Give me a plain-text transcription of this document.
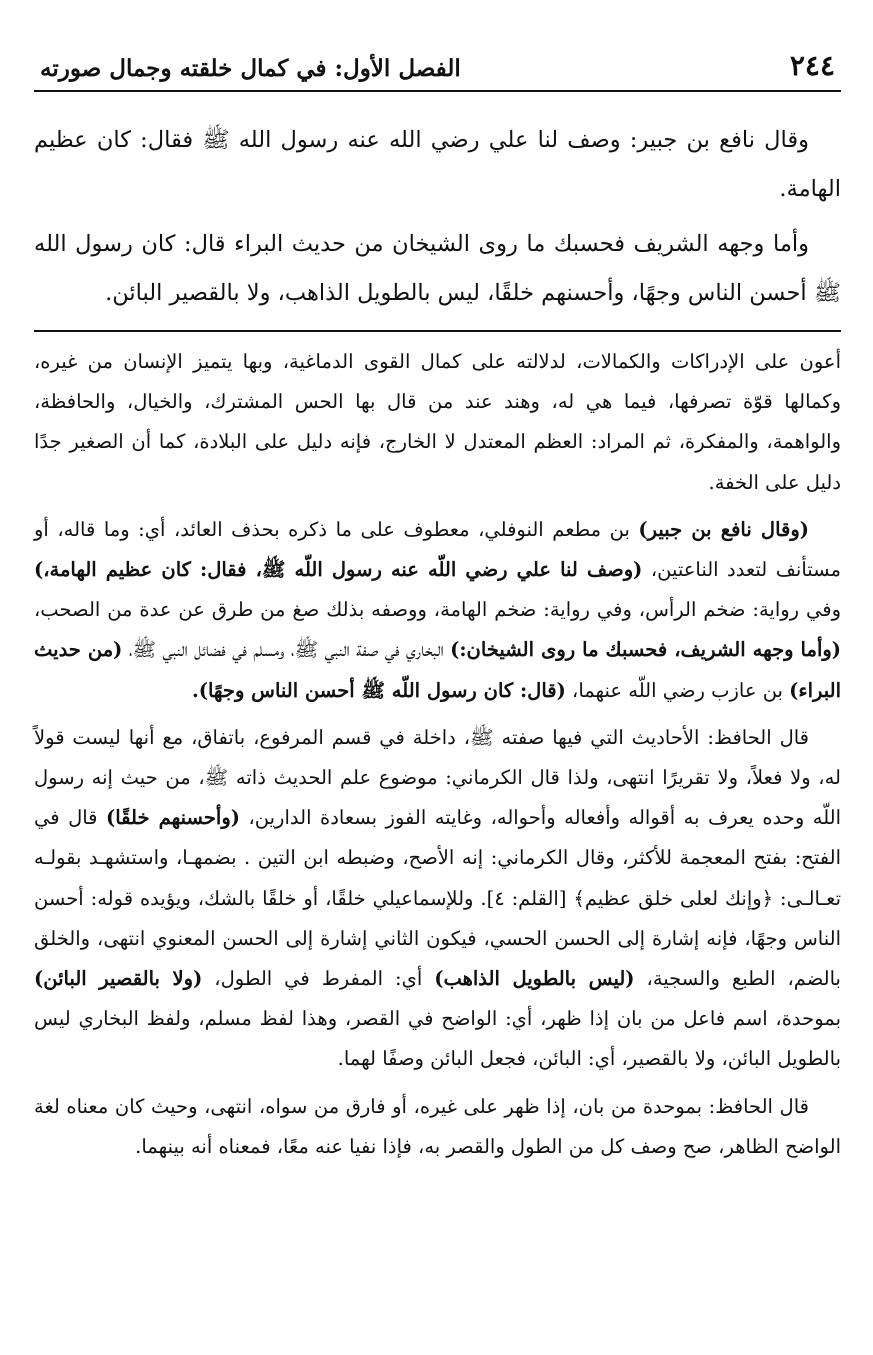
٢٤٤
الفصل الأول: في كمال خلقته وجمال صورته

وقال نافع بن جبير: وصف لنا علي رضي الله عنه رسول الله ﷺ فقال: كان عظيم الهامة.

وأما وجهه الشريف فحسبك ما روى الشيخان من حديث البراء قال: كان رسول الله ﷺ أحسن الناس وجهًا، وأحسنهم خلقًا، ليس بالطويل الذاهب، ولا بالقصير البائن.

أعون على الإدراكات والكمالات، لدلالته على كمال القوى الدماغية، وبها يتميز الإنسان من غيره، وكمالها قوّة تصرفها، فيما هي له، وهند عند من قال بها الحس المشترك، والخيال، والحافظة، والواهمة، والمفكرة، ثم المراد: العظم المعتدل لا الخارج، فإنه دليل على البلادة، كما أن الصغير جدًا دليل على الخفة.

(وقال نافع بن جبير) بن مطعم النوفلي، معطوف على ما ذكره بحذف العائد، أي: وما قاله، أو مستأنف لتعدد الناعتين، (وصف لنا علي رضي اللّه عنه رسول اللّه ﷺ، فقال: كان عظيم الهامة،) وفي رواية: ضخم الرأس، وفي رواية: ضخم الهامة، ووصفه بذلك صغ من طرق عن عدة من الصحب، (وأما وجهه الشريف، فحسبك ما روى الشيخان:) البخاري في صفة النبي ﷺ، ومسلم في فضائل النبي ﷺ، (من حديث البراء) بن عازب رضي اللّه عنهما، (قال: كان رسول اللّه ﷺ أحسن الناس وجهًا).

قال الحافظ: الأحاديث التي فيها صفته ﷺ، داخلة في قسم المرفوع، باتفاق، مع أنها ليست قولاً له، ولا فعلاً، ولا تقريرًا انتهى، ولذا قال الكرماني: موضوع علم الحديث ذاته ﷺ، من حيث إنه رسول اللّه وحده يعرف به أقواله وأفعاله وأحواله، وغايته الفوز بسعادة الدارين، (وأحسنهم خلقًا) قال في الفتح: بفتح المعجمة للأكثر، وقال الكرماني: إنه الأصح، وضبطه ابن التين . بضمهـا، واستشهـد بقولـه تعـالـى: ﴿وإنك لعلى خلق عظيم﴾ [القلم: ٤]. وللإسماعيلي خلقًا، أو خلقًا بالشك، ويؤيده قوله: أحسن الناس وجهًا، فإنه إشارة إلى الحسن الحسي، فيكون الثاني إشارة إلى الحسن المعنوي انتهى، والخلق بالضم، الطبع والسجية، (ليس بالطويل الذاهب) أي: المفرط في الطول، (ولا بالقصير البائن) بموحدة، اسم فاعل من بان إذا ظهر، أي: الواضح في القصر، وهذا لفظ مسلم، ولفظ البخاري ليس بالطويل البائن، ولا بالقصير، أي: البائن، فجعل البائن وصفًا لهما.

قال الحافظ: بموحدة من بان، إذا ظهر على غيره، أو فارق من سواه، انتهى، وحيث كان معناه لغة الواضح الظاهر، صح وصف كل من الطول والقصر به، فإذا نفيا عنه معًا، فمعناه أنه بينهما.
